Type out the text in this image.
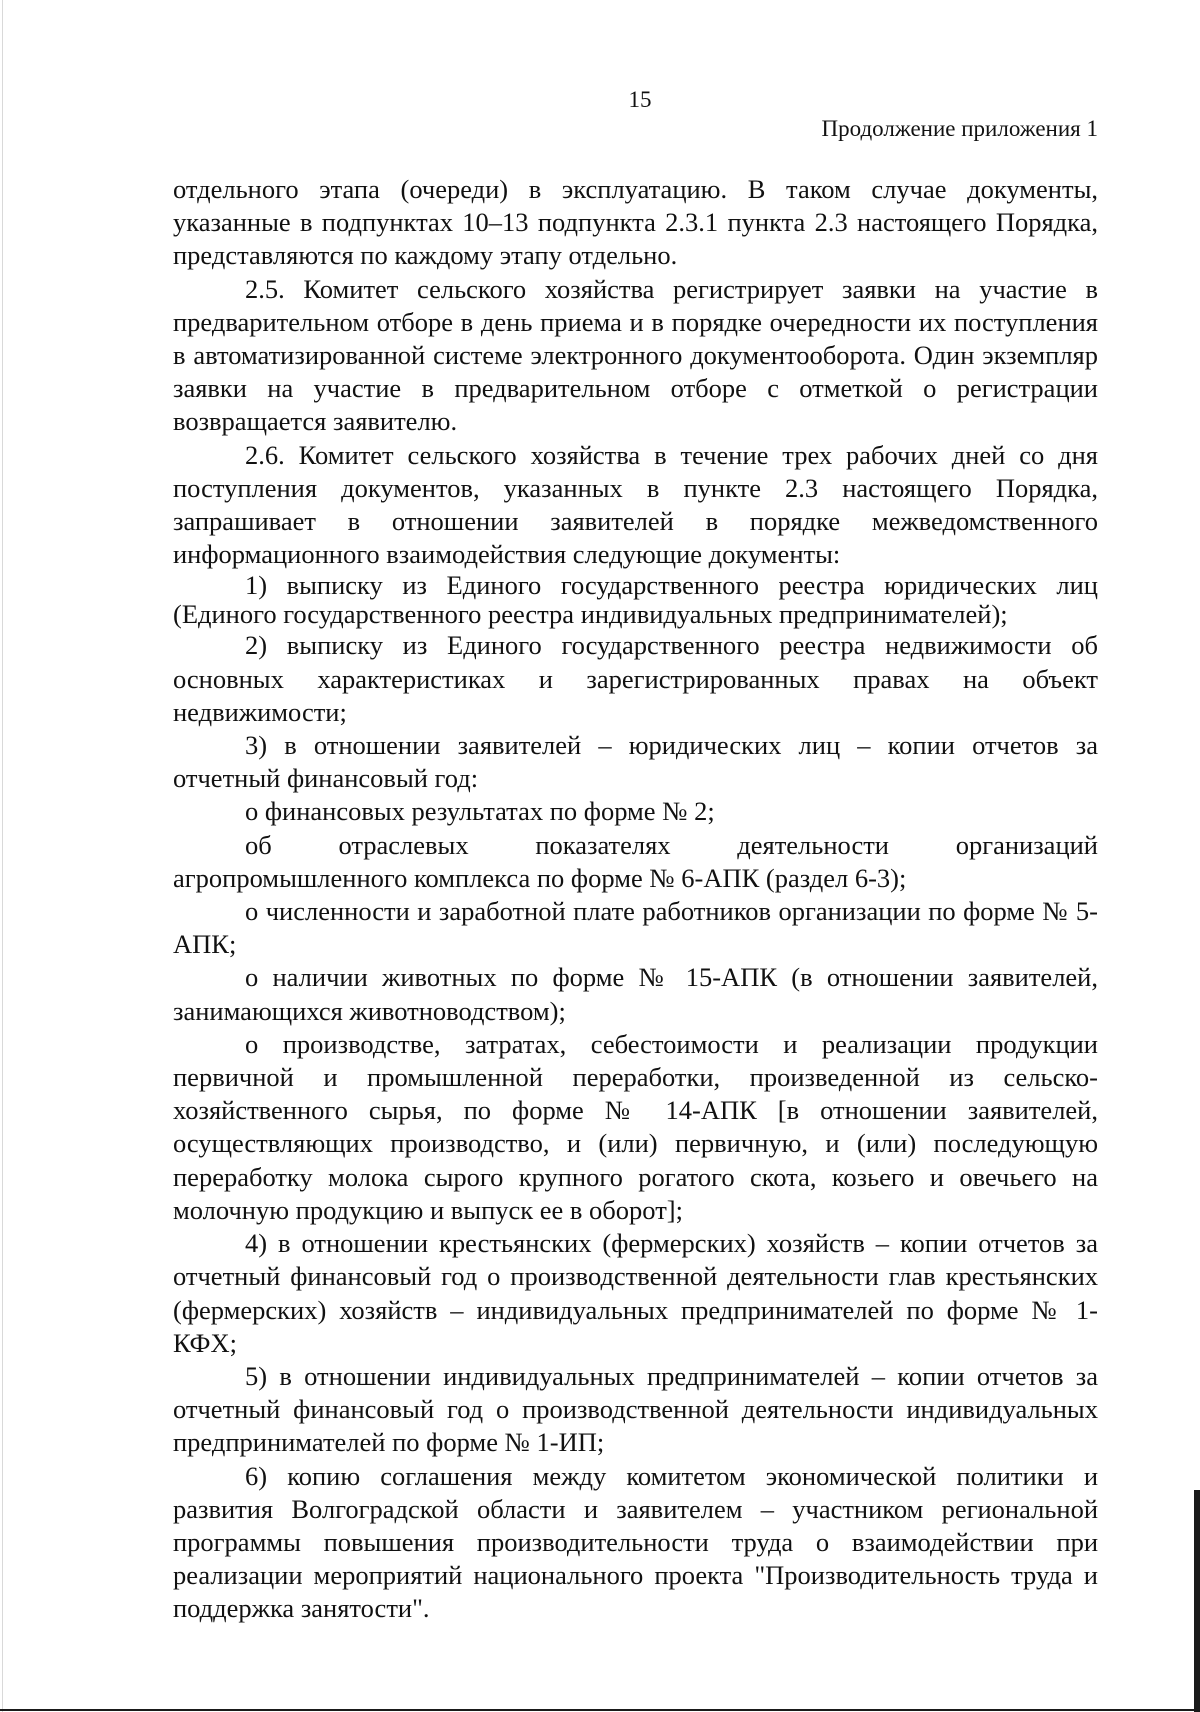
15
Продолжение приложения 1

отдельного этапа (очереди) в эксплуатацию. В таком случае документы, указанные в подпунктах 10–13 подпункта 2.3.1 пункта 2.3 настоящего Порядка, представляются по каждому этапу отдельно.

2.5. Комитет сельского хозяйства регистрирует заявки на участие в предварительном отборе в день приема и в порядке очередности их поступления в автоматизированной системе электронного документооборота. Один экземпляр заявки на участие в предварительном отборе с отметкой о регистрации возвращается заявителю.

2.6. Комитет сельского хозяйства в течение трех рабочих дней со дня поступления документов, указанных в пункте 2.3 настоящего Порядка, запрашивает в отношении заявителей в порядке межведомственного информационного взаимодействия следующие документы:

1) выписку из Единого государственного реестра юридических лиц (Единого государственного реестра индивидуальных предпринимателей);

2) выписку из Единого государственного реестра недвижимости об основных характеристиках и зарегистрированных правах на объект недвижимости;

3) в отношении заявителей – юридических лиц – копии отчетов за отчетный финансовый год:

о финансовых результатах по форме № 2;

об отраслевых показателях деятельности организаций агропромышленного комплекса по форме № 6-АПК (раздел 6-3);

о численности и заработной плате работников организации по форме № 5-АПК;

о наличии животных по форме № 15-АПК (в отношении заявителей, занимающихся животноводством);

о производстве, затратах, себестоимости и реализации продукции первичной и промышленной переработки, произведенной из сельско-хозяйственного сырья, по форме № 14-АПК [в отношении заявителей, осуществляющих производство, и (или) первичную, и (или) последующую переработку молока сырого крупного рогатого скота, козьего и овечьего на молочную продукцию и выпуск ее в оборот];

4) в отношении крестьянских (фермерских) хозяйств – копии отчетов за отчетный финансовый год о производственной деятельности глав крестьянских (фермерских) хозяйств – индивидуальных предпринимателей по форме № 1-КФХ;

5) в отношении индивидуальных предпринимателей – копии отчетов за отчетный финансовый год о производственной деятельности индивидуальных предпринимателей по форме № 1-ИП;

6) копию соглашения между комитетом экономической политики и развития Волгоградской области и заявителем – участником региональной программы повышения производительности труда о взаимодействии при реализации мероприятий национального проекта "Производительность труда и поддержка занятости".
